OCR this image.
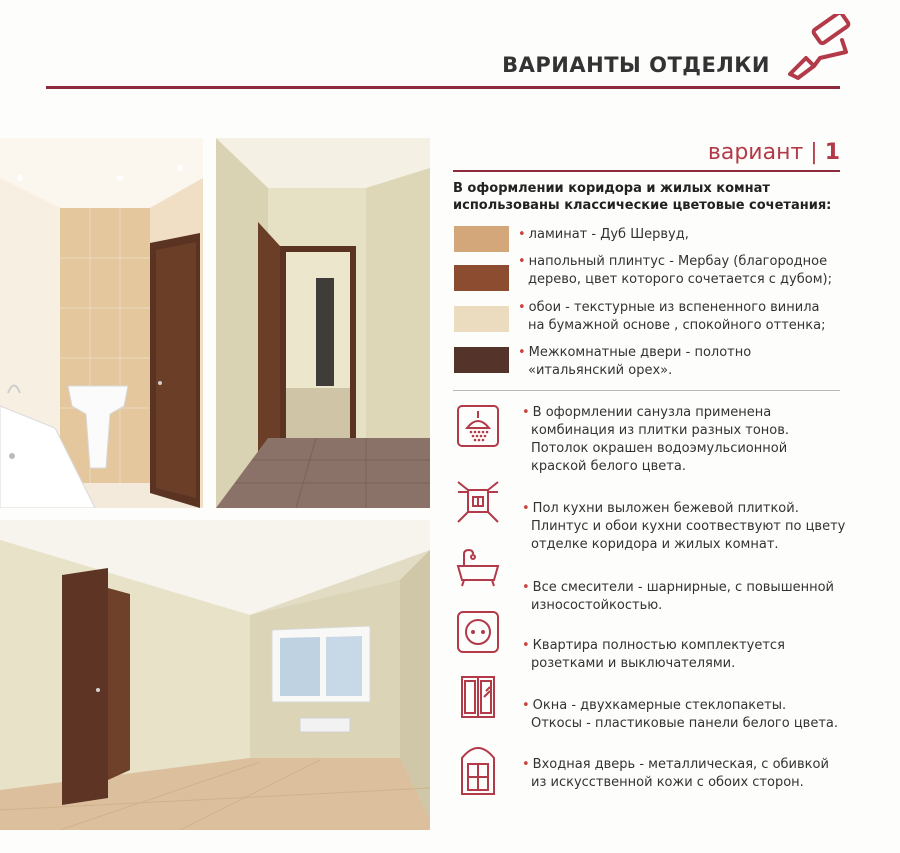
ВАРИАНТЫ ОТДЕЛКИ
вариант | 1
В оформлении коридора и жилых комнат
использованы классические цветовые сочетания:
• ламинат - Дуб Шервуд,
• напольный плинтус - Мербау (благородное
дерево, цвет которого сочетается с дубом);
• обои - текстурные из вспененного винила
на бумажной основе , спокойного оттенка;
• Межкомнатные двери - полотно
«итальянский орех».
• В оформлении санузла применена
комбинация из плитки разных тонов.
Потолок окрашен водоэмульсионной
краской белого цвета.
• Пол кухни выложен бежевой плиткой.
Плинтус и обои кухни соотвествуют по цвету
отделке коридора и жилых комнат.
• Все смесители - шарнирные, с повышенной
износостойкостью.
• Квартира полностью комплектуется
розетками и выключателями.
• Окна - двухкамерные стеклопакеты.
Откосы - пластиковые панели белого цвета.
• Входная дверь - металлическая, с обивкой
из искусственной кожи с обоих сторон.
